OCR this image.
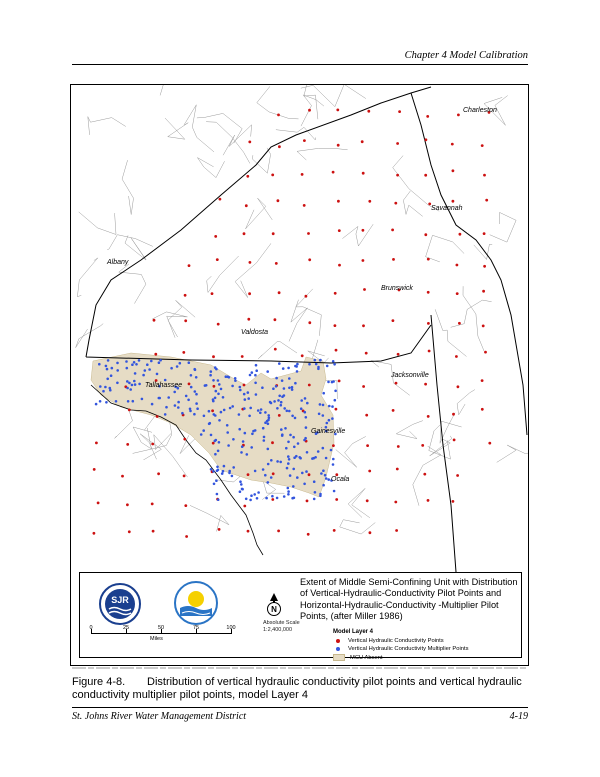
Chapter 4 Model Calibration
Charleston
Savannah
Albany
Brunswick
Valdosta
Tallahassee
Jacksonville
Gainesville
Ocala
SJR
N
Extent of Middle Semi-Confining Unit with Distribution of Vertical-Hydraulic-Conductivity Pilot Points and Horizontal-Hydraulic-Conductivity -Multiplier Pilot Points, (after Miller 1986)
Absolute Scale
1:2,400,000
0	25	50	75	100
Miles
Model Layer 4
Vertical Hydraulic Conductivity Points
Vertical Hydraulic Conductivity Multiplier Points
MCU Absent
Figure 4-8. Distribution of vertical hydraulic conductivity pilot points and vertical hydraulic conductivity multiplier pilot points, model Layer 4
St. Johns River Water Management District	4-19
